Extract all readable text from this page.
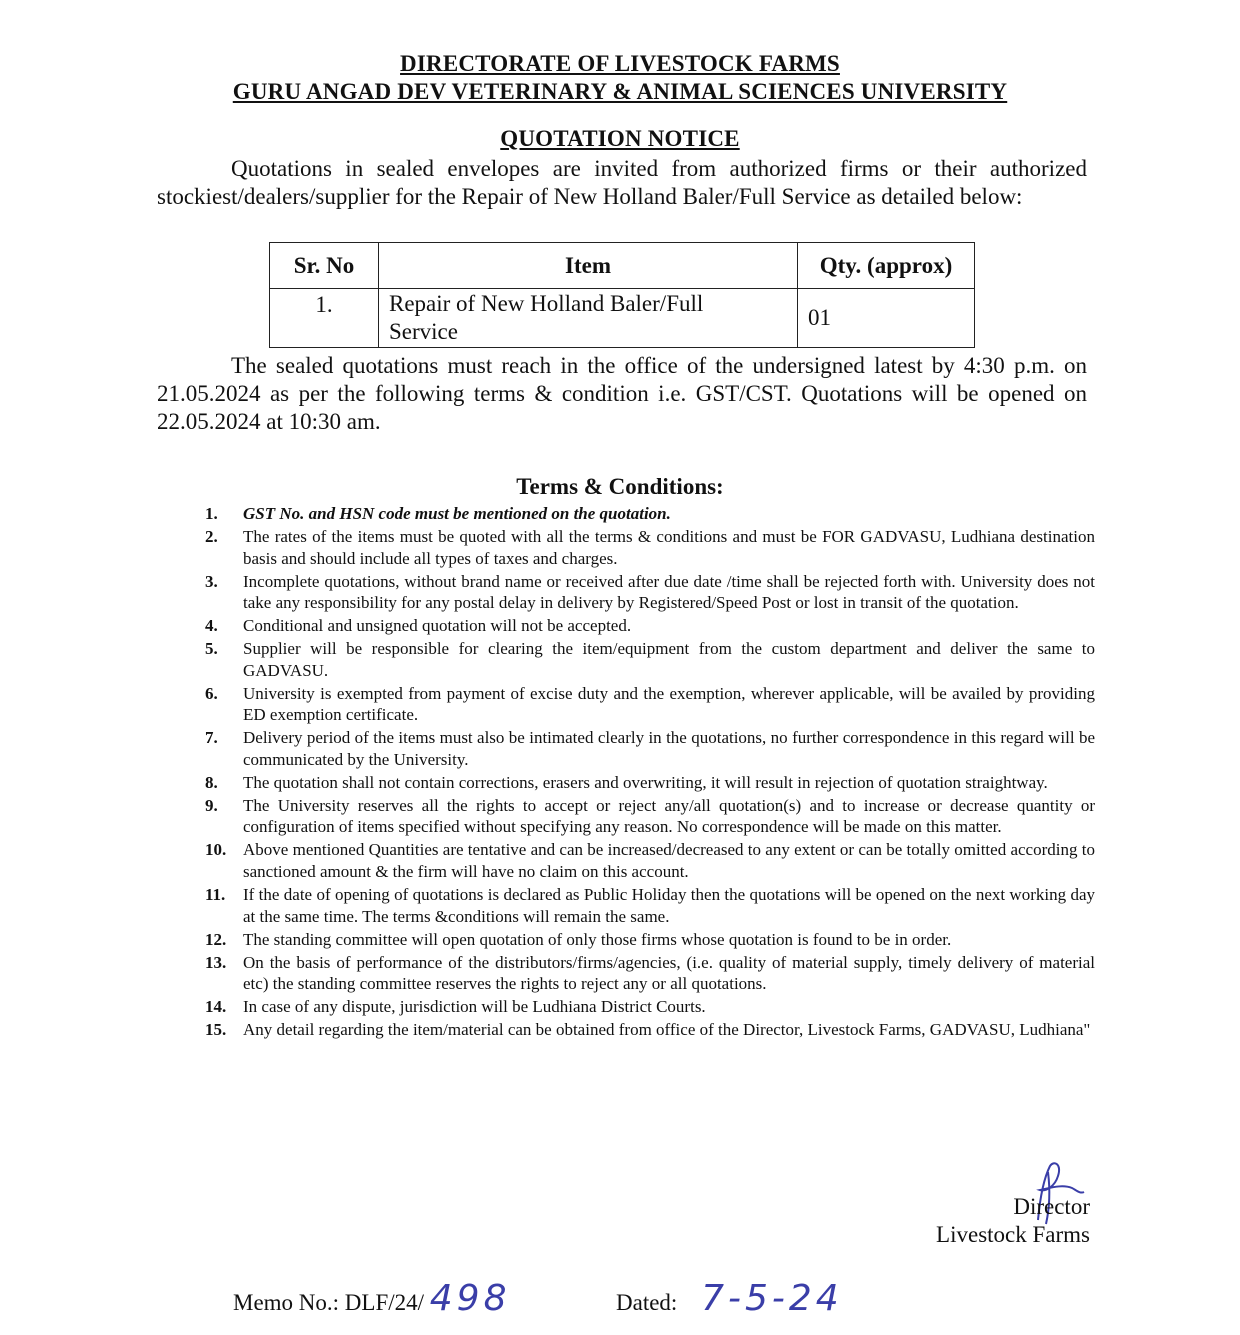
DIRECTORATE OF LIVESTOCK FARMS
GURU ANGAD DEV VETERINARY & ANIMAL SCIENCES UNIVERSITY
QUOTATION NOTICE
Quotations in sealed envelopes are invited from authorized firms or their authorized stockiest/dealers/supplier for the Repair of New Holland Baler/Full Service as detailed below:
Sr. No	Item	Qty. (approx)
1.	Repair of New Holland Baler/Full Service	01
The sealed quotations must reach in the office of the undersigned latest by 4:30 p.m. on 21.05.2024 as per the following terms & condition i.e. GST/CST. Quotations will be opened on 22.05.2024 at 10:30 am.
Terms & Conditions:
1. GST No. and HSN code must be mentioned on the quotation.
2. The rates of the items must be quoted with all the terms & conditions and must be FOR GADVASU, Ludhiana destination basis and should include all types of taxes and charges.
3. Incomplete quotations, without brand name or received after due date /time shall be rejected forth with. University does not take any responsibility for any postal delay in delivery by Registered/Speed Post or lost in transit of the quotation.
4. Conditional and unsigned quotation will not be accepted.
5. Supplier will be responsible for clearing the item/equipment from the custom department and deliver the same to GADVASU.
6. University is exempted from payment of excise duty and the exemption, wherever applicable, will be availed by providing ED exemption certificate.
7. Delivery period of the items must also be intimated clearly in the quotations, no further correspondence in this regard will be communicated by the University.
8. The quotation shall not contain corrections, erasers and overwriting, it will result in rejection of quotation straightway.
9. The University reserves all the rights to accept or reject any/all quotation(s) and to increase or decrease quantity or configuration of items specified without specifying any reason. No correspondence will be made on this matter.
10. Above mentioned Quantities are tentative and can be increased/decreased to any extent or can be totally omitted according to sanctioned amount & the firm will have no claim on this account.
11. If the date of opening of quotations is declared as Public Holiday then the quotations will be opened on the next working day at the same time. The terms &conditions will remain the same.
12. The standing committee will open quotation of only those firms whose quotation is found to be in order.
13. On the basis of performance of the distributors/firms/agencies, (i.e. quality of material supply, timely delivery of material etc) the standing committee reserves the rights to reject any or all quotations.
14. In case of any dispute, jurisdiction will be Ludhiana District Courts.
15. Any detail regarding the item/material can be obtained from office of the Director, Livestock Farms, GADVASU, Ludhiana"
Director
Livestock Farms
Memo No.: DLF/24/ 498	Dated: 7-5-24
